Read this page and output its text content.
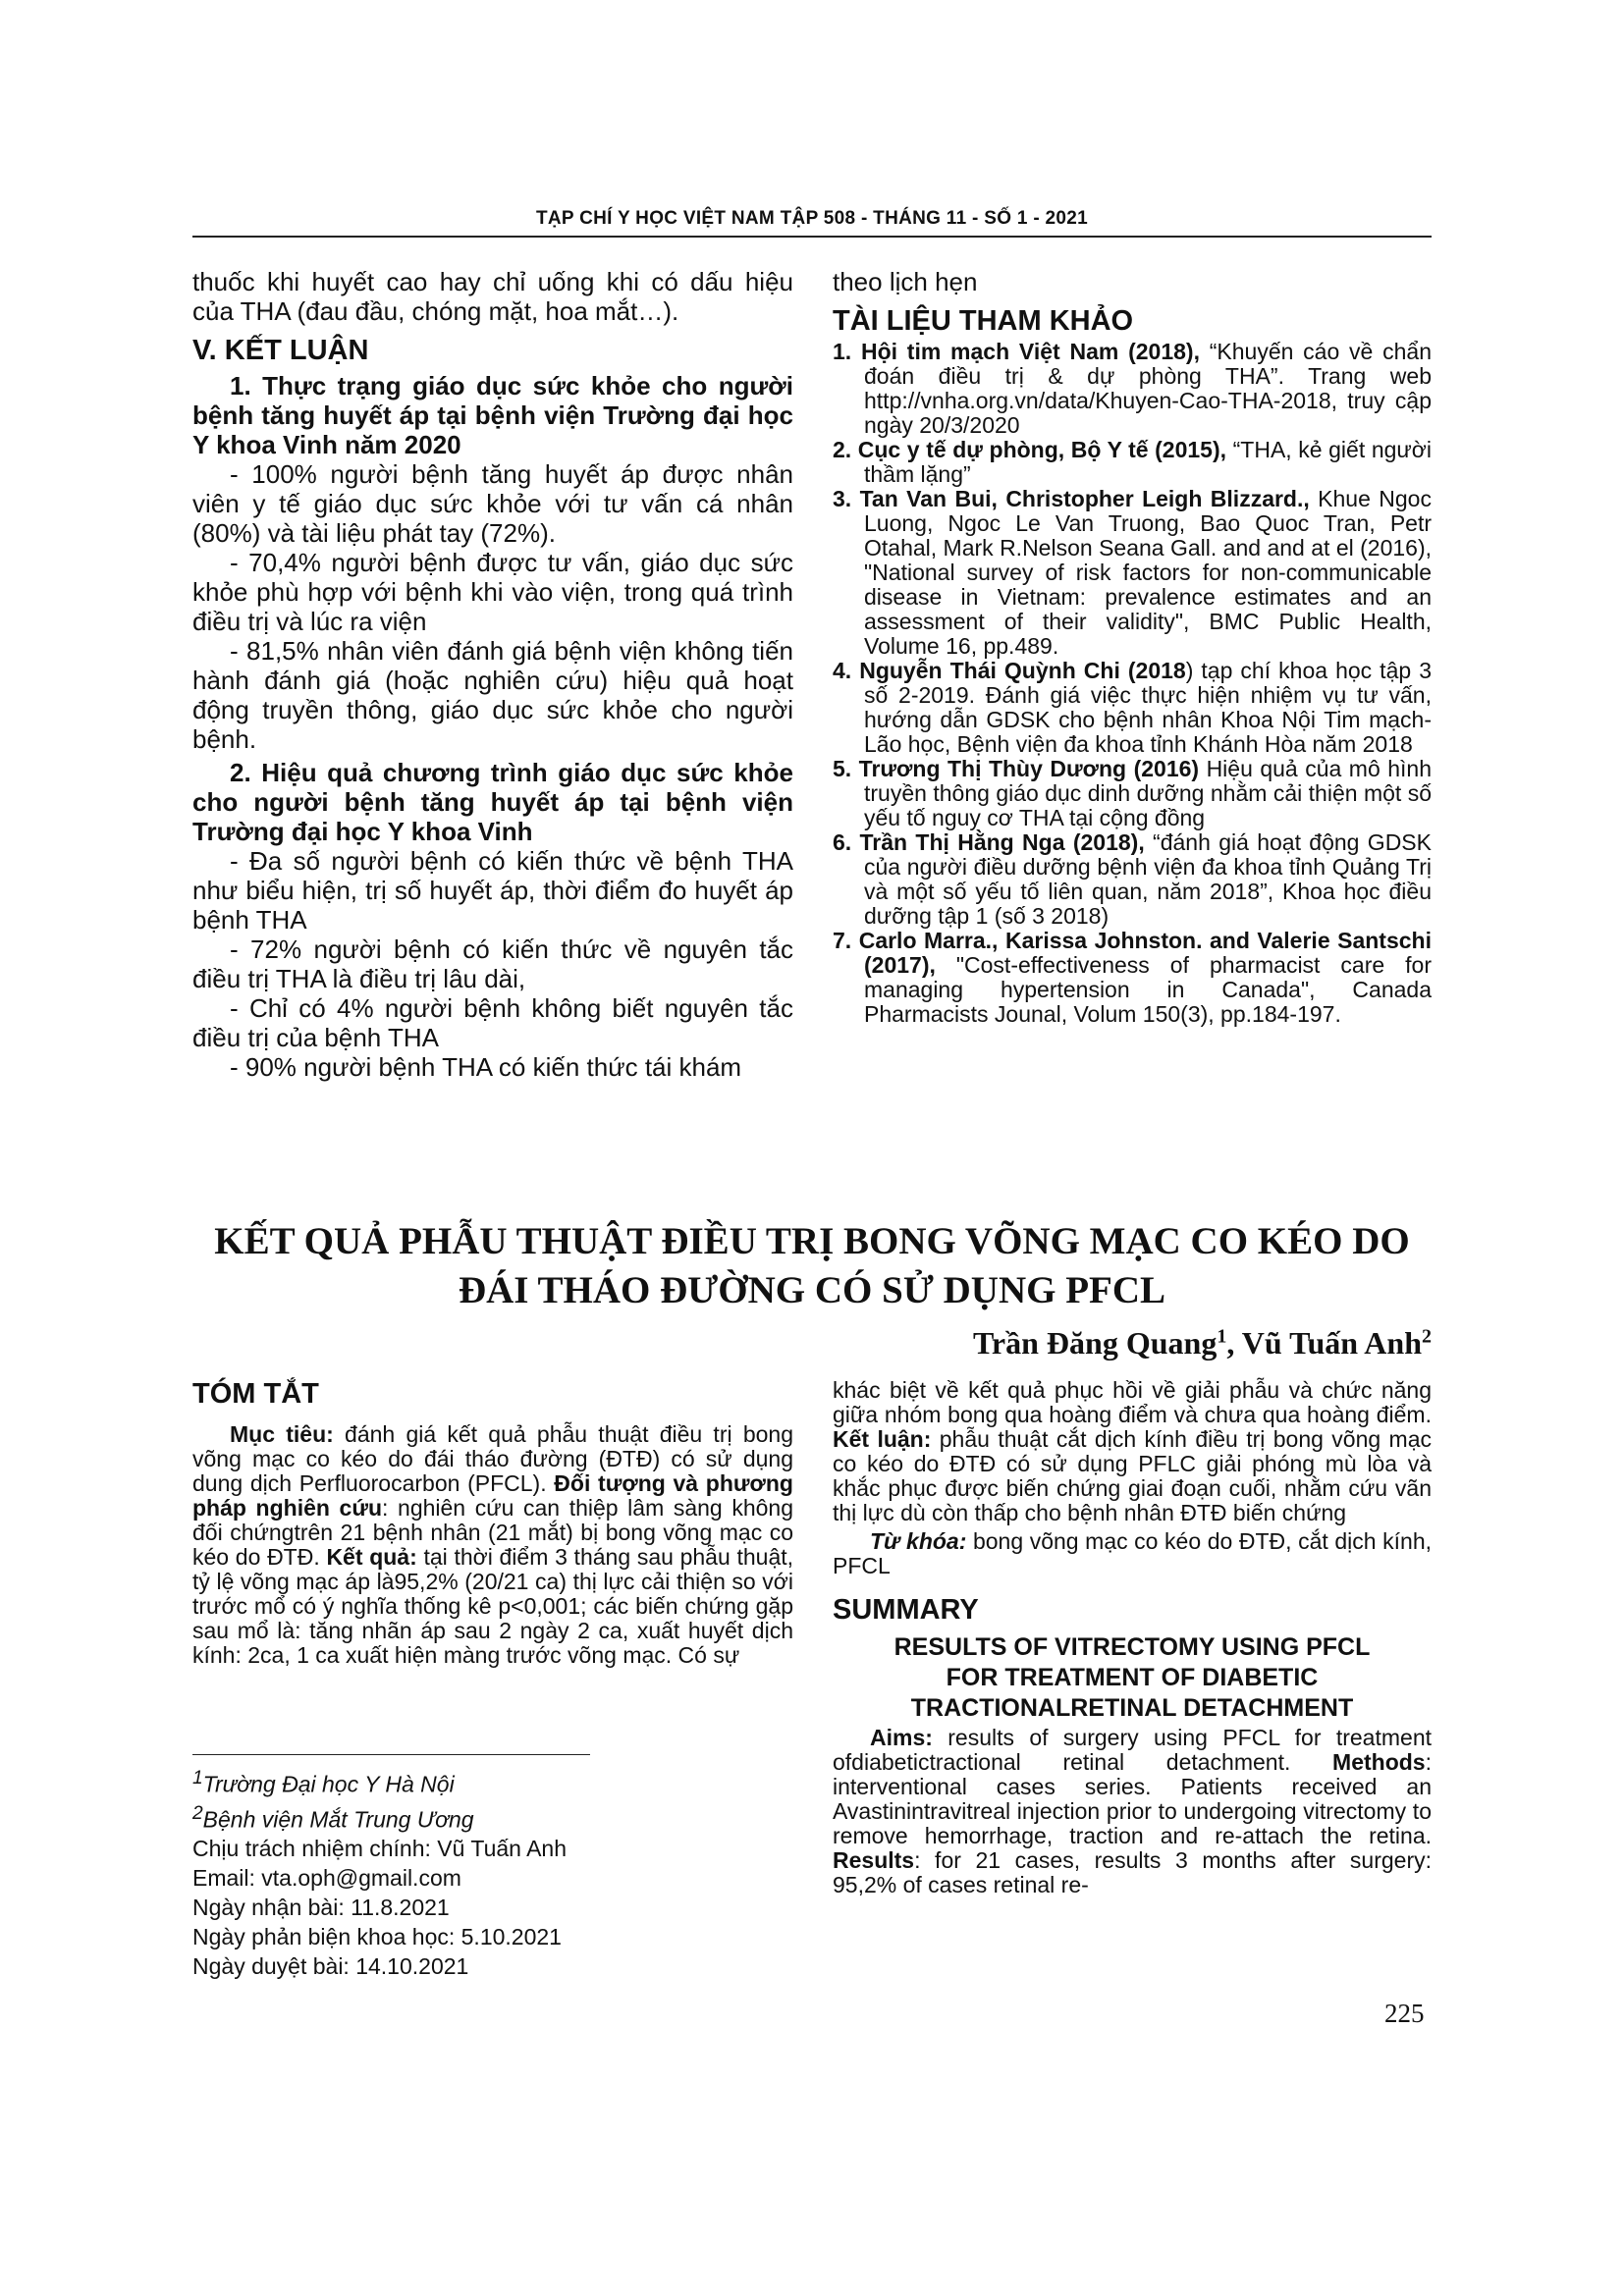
TẠP CHÍ Y HỌC VIỆT NAM TẬP 508 - THÁNG 11 - SỐ 1 - 2021

thuốc khi huyết cao hay chỉ uống khi có dấu hiệu

của THA (đau đầu, chóng mặt, hoa mắt…).

V. KẾT LUẬN

1. Thực trạng giáo dục sức khỏe cho người bệnh tăng huyết áp tại bệnh viện Trường đại học Y khoa Vinh năm 2020

- 100% người bệnh tăng huyết áp được nhân viên y tế giáo dục sức khỏe với tư vấn cá nhân (80%) và tài liệu phát tay (72%).

- 70,4% người bệnh được tư vấn, giáo dục sức khỏe phù hợp với bệnh khi vào viện, trong quá trình điều trị và lúc ra viện

- 81,5% nhân viên đánh giá bệnh viện không tiến hành đánh giá (hoặc nghiên cứu) hiệu quả hoạt động truyền thông, giáo dục sức khỏe cho người bệnh.

2. Hiệu quả chương trình giáo dục sức khỏe cho người bệnh tăng huyết áp tại bệnh viện Trường đại học Y khoa Vinh

- Đa số người bệnh có kiến thức về bệnh THA như biểu hiện, trị số huyết áp, thời điểm đo huyết áp bệnh THA

- 72% người bệnh có kiến thức về nguyên tắc điều trị THA là điều trị lâu dài,

- Chỉ có 4% người bệnh không biết nguyên tắc điều trị của bệnh THA

- 90% người bệnh THA có kiến thức tái khám

theo lịch hẹn

TÀI LIỆU THAM KHẢO

1. Hội tim mạch Việt Nam (2018), “Khuyến cáo về chẩn đoán điều trị & dự phòng THA”. Trang web http://vnha.org.vn/data/Khuyen-Cao-THA-2018, truy cập ngày 20/3/2020

2. Cục y tế dự phòng, Bộ Y tế (2015), “THA, kẻ giết người thầm lặng”

3. Tan Van Bui, Christopher Leigh Blizzard., Khue Ngoc Luong, Ngoc Le Van Truong, Bao Quoc Tran, Petr Otahal, Mark R.Nelson Seana Gall. and and at el (2016), "National survey of risk factors for non-communicable disease in Vietnam: prevalence estimates and an assessment of their validity", BMC Public Health, Volume 16, pp.489.

4. Nguyễn Thái Quỳnh Chi (2018) tạp chí khoa học tập 3 số 2-2019. Đánh giá việc thực hiện nhiệm vụ tư vấn, hướng dẫn GDSK cho bệnh nhân Khoa Nội Tim mạch-Lão học, Bệnh viện đa khoa tỉnh Khánh Hòa năm 2018

5. Trương Thị Thùy Dương (2016) Hiệu quả của mô hình truyền thông giáo dục dinh dưỡng nhằm cải thiện một số yếu tố nguy cơ THA tại cộng đồng

6. Trần Thị Hằng Nga (2018), “đánh giá hoạt động GDSK của người điều dưỡng bệnh viện đa khoa tỉnh Quảng Trị và một số yếu tố liên quan, năm 2018”, Khoa học điều dưỡng tập 1 (số 3 2018)

7. Carlo Marra., Karissa Johnston. and Valerie Santschi (2017), "Cost-effectiveness of pharmacist care for managing hypertension in Canada", Canada Pharmacists Jounal, Volum 150(3), pp.184-197.

KẾT QUẢ PHẪU THUẬT ĐIỀU TRỊ BONG VÕNG MẠC CO KÉO DO
ĐÁI THÁO ĐƯỜNG CÓ SỬ DỤNG PFCL
Trần Đăng Quang$^1$, Vũ Tuấn Anh$^2$
TÓM TẮT

Mục tiêu: đánh giá kết quả phẫu thuật điều trị bong võng mạc co kéo do đái tháo đường (ĐTĐ) có sử dụng dung dịch Perfluorocarbon (PFCL). Đối tượng và phương pháp nghiên cứu: nghiên cứu can thiệp lâm sàng không đối chứngtrên 21 bệnh nhân (21 mắt) bị bong võng mạc co kéo do ĐTĐ. Kết quả: tại thời điểm 3 tháng sau phẫu thuật, tỷ lệ võng mạc áp là95,2% (20/21 ca) thị lực cải thiện so với trước mổ có ý nghĩa thống kê p<0,001; các biến chứng gặp sau mổ là: tăng nhãn áp sau 2 ngày 2 ca, xuất huyết dịch kính: 2ca, 1 ca xuất hiện màng trước võng mạc. Có sự

khác biệt về kết quả phục hồi về giải phẫu và chức năng giữa nhóm bong qua hoàng điểm và chưa qua hoàng điểm. Kết luận: phẫu thuật cắt dịch kính điều trị bong võng mạc co kéo do ĐTĐ có sử dụng PFLC giải phóng mù lòa và khắc phục được biến chứng giai đoạn cuối, nhằm cứu vãn thị lực dù còn thấp cho bệnh nhân ĐTĐ biến chứng

Từ khóa: bong võng mạc co kéo do ĐTĐ, cắt dịch kính, PFCL

SUMMARY
RESULTS OF VITRECTOMY USING PFCL
FOR TREATMENT OF DIABETIC
TRACTIONALRETINAL DETACHMENT

Aims: results of surgery using PFCL for treatment ofdiabetictractional retinal detachment. Methods: interventional cases series. Patients received an Avastinintravitreal injection prior to undergoing vitrectomy to remove hemorrhage, traction and re-attach the retina. Results: for 21 cases, results 3 months after surgery: 95,2% of cases retinal re-

$^1$Trường Đại học Y Hà Nội
$^2$Bệnh viện Mắt Trung Ương
Chịu trách nhiệm chính: Vũ Tuấn Anh
Email: vta.oph@gmail.com
Ngày nhận bài: 11.8.2021
Ngày phản biện khoa học: 5.10.2021
Ngày duyệt bài: 14.10.2021
225
